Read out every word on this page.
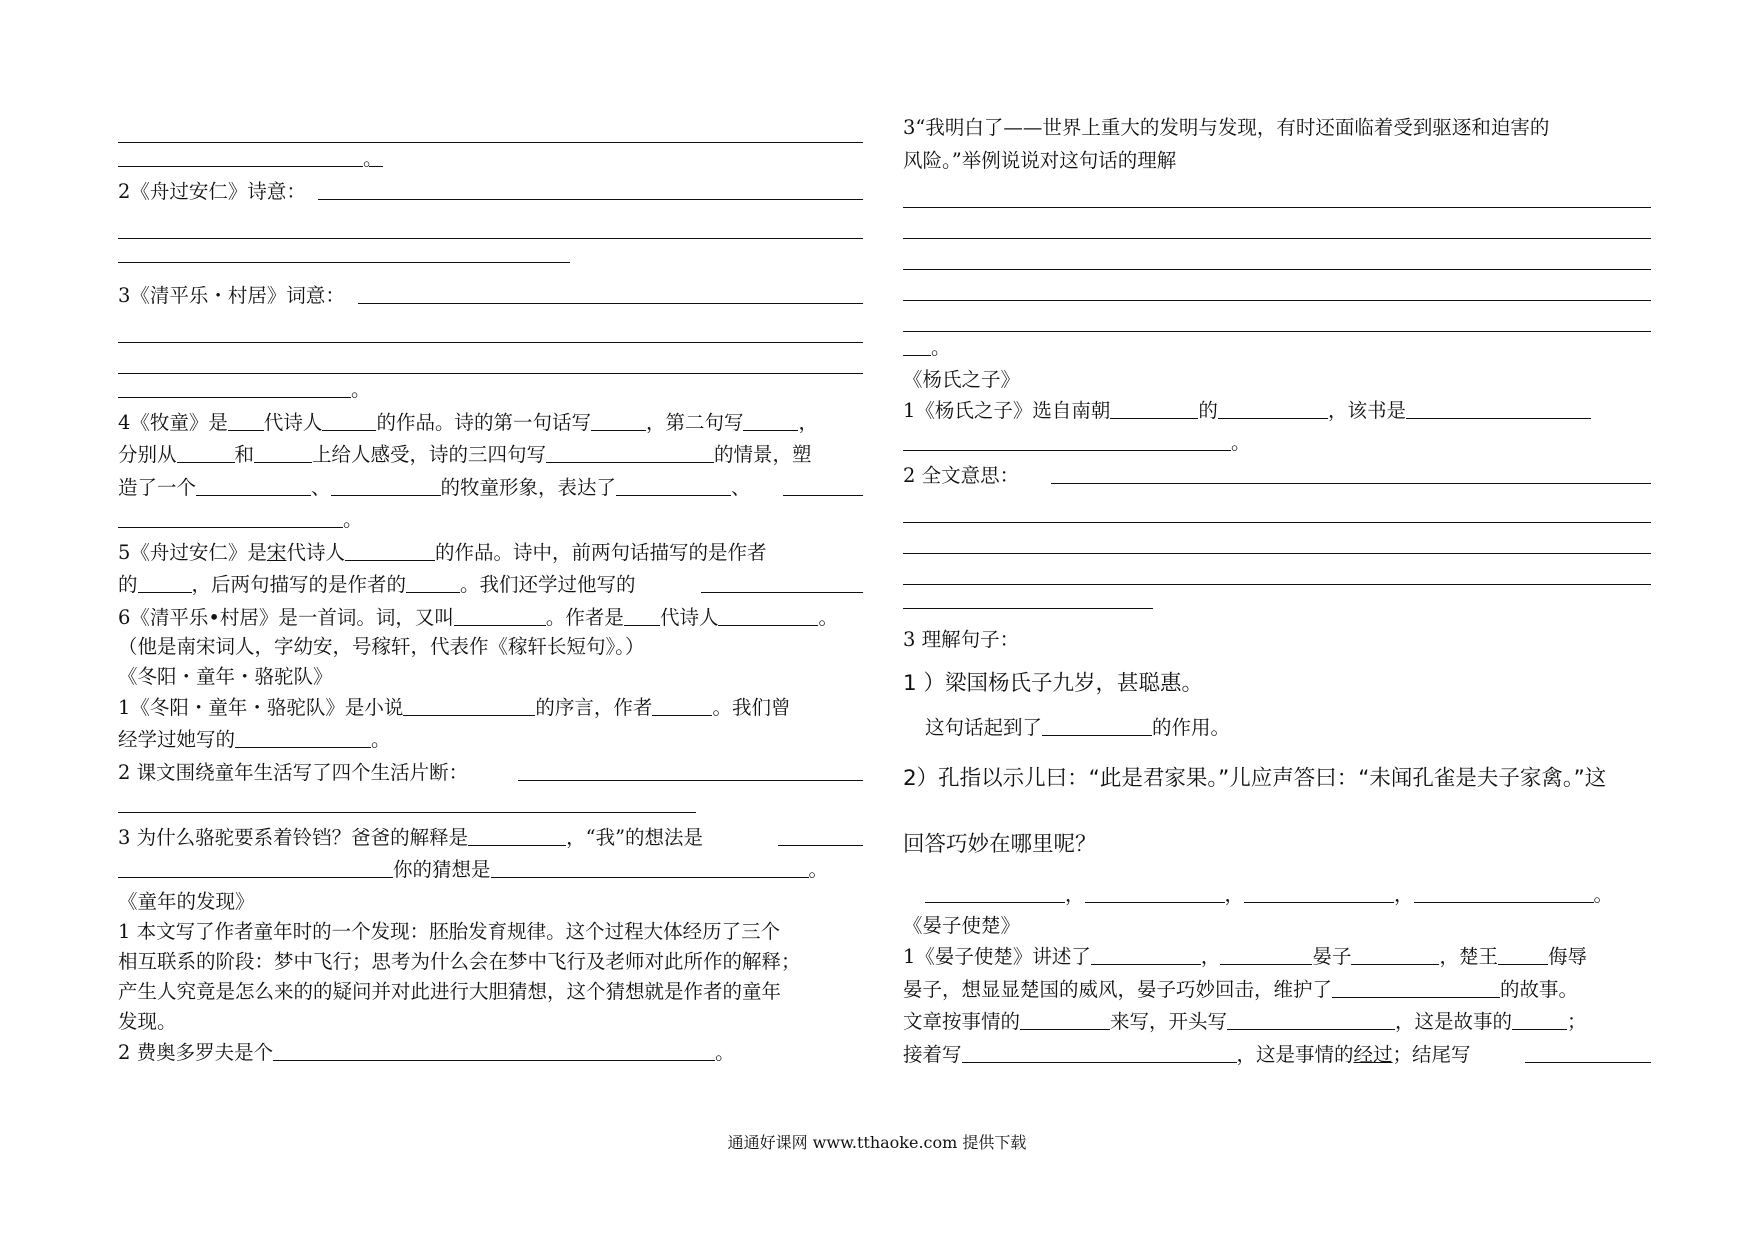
。
2《舟过安仁》诗意：
3《清平乐・村居》词意：
。
4《牧童》是 代诗人	的作品。诗的第一句话写	，第二句写	，
分别从	和	上给人感受，诗的三四句写	的情景，塑
造了一个	、	的牧童形象，表达了	、
。
5《舟过安仁》是宋代诗人	的作品。诗中，前两句话描写的是作者
的	，后两句描写的是作者的	。我们还学过他写的
6《清平乐•村居》是一首词。词，又叫	。作者是 代诗人	。
（他是南宋词人，字幼安，号稼轩，代表作《稼轩长短句》。）
《冬阳・童年・骆驼队》
1《冬阳・童年・骆驼队》是小说	的序言，作者	。我们曾
经学过她写的	。
2 课文围绕童年生活写了四个生活片断：
3 为什么骆驼要系着铃铛？爸爸的解释是	，“我”的想法是
你的猜想是	。
《童年的发现》
1 本文写了作者童年时的一个发现：胚胎发育规律。这个过程大体经历了三个
相互联系的阶段：梦中飞行；思考为什么会在梦中飞行及老师对此所作的解释；
产生人究竟是怎么来的的疑问并对此进行大胆猜想，这个猜想就是作者的童年
发现。
2 费奥多罗夫是个	。
3“我明白了——世界上重大的发明与发现，有时还面临着受到驱逐和迫害的
风险。”举例说说对这句话的理解
。
《杨氏之子》
1《杨氏之子》选自南朝	的	，该书是
。
2 全文意思：
3 理解句子：
1 ）梁国杨氏子九岁，甚聪惠。
这句话起到了	的作用。
2）孔指以示儿曰：“此是君家果。”儿应声答曰：“未闻孔雀是夫子家禽。”这
回答巧妙在哪里呢？
，	，	，	。
《晏子使楚》
1《晏子使楚》讲述了	，	晏子	，楚王	侮辱
晏子，想显显楚国的威风，晏子巧妙回击，维护了	的故事。
文章按事情的	来写，开头写	，这是故事的	；
接着写	，这是事情的经过；结尾写
通通好课网 www.tthaoke.com 提供下载
